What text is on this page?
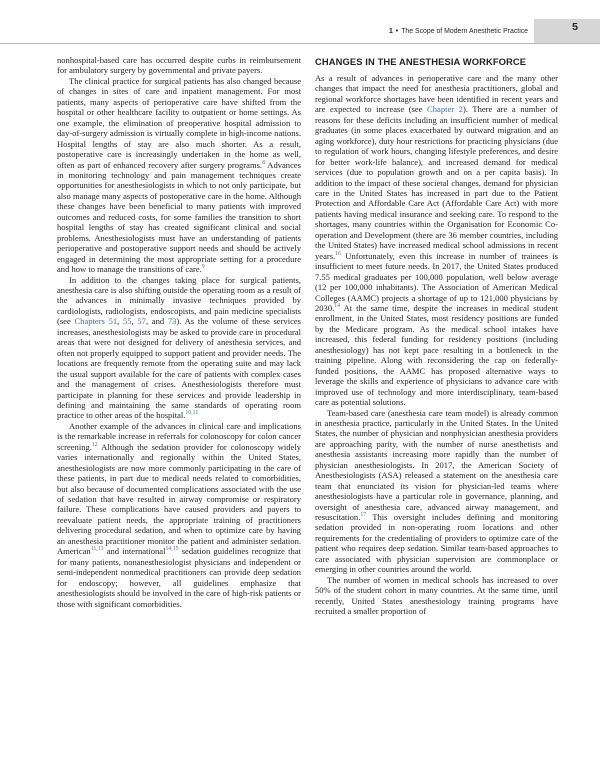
1 • The Scope of Modern Anesthetic Practice	5

nonhospital-based care has occurred despite curbs in reimbursement for ambulatory surgery by governmental and private payers.

The clinical practice for surgical patients has also changed because of changes in sites of care and inpatient management. For most patients, many aspects of perioperative care have shifted from the hospital or other healthcare facility to outpatient or home settings. As one example, the elimination of preoperative hospital admission to day-of-surgery admission is virtually complete in high-income nations. Hospital lengths of stay are also much shorter. As a result, postoperative care is increasingly undertaken in the home as well, often as part of enhanced recovery after surgery programs.$^8$ Advances in monitoring technology and pain management techniques create opportunities for anesthesiologists in which to not only participate, but also manage many aspects of postoperative care in the home. Although these changes have been beneficial to many patients with improved outcomes and reduced costs, for some families the transition to short hospital lengths of stay has created significant clinical and social problems. Anesthesiologists must have an understanding of patients perioperative and postoperative support needs and should be actively engaged in determining the most appropriate setting for a procedure and how to manage the transitions of care.$^9$

In addition to the changes taking place for surgical patients, anesthesia care is also shifting outside the operating room as a result of the advances in minimally invasive techniques provided by cardiologists, radiologists, endoscopists, and pain medicine specialists (see Chapters 51, 55, 57, and 73). As the volume of these services increases, anesthesiologists may be asked to provide care in procedural areas that were not designed for delivery of anesthesia services, and often not properly equipped to support patient and provider needs. The locations are frequently remote from the operating suite and may lack the usual support available for the care of patients with complex cases and the management of crises. Anesthesiologists therefore must participate in planning for these services and provide leadership in defining and maintaining the same standards of operating room practice to other areas of the hospital.$^{10,11}$

Another example of the advances in clinical care and implications is the remarkable increase in referrals for colonoscopy for colon cancer screening.$^{12}$ Although the sedation provider for colonoscopy widely varies internationally and regionally within the United States, anesthesiologists are now more commonly participating in the care of these patients, in part due to medical needs related to comorbidities, but also because of documented complications associated with the use of sedation that have resulted in airway compromise or respiratory failure. These complications have caused providers and payers to reevaluate patient needs, the appropriate training of practitioners delivering procedural sedation, and when to optimize care by having an anesthesia practitioner monitor the patient and administer sedation. American$^{11,13}$ and international$^{14,15}$ sedation guidelines recognize that for many patients, nonanesthesiologist physicians and independent or semi-independent nonmedical practitioners can provide deep sedation for endoscopy; however, all guidelines emphasize that anesthesiologists should be involved in the care of high-risk patients or those with significant comorbidities.

CHANGES IN THE ANESTHESIA WORKFORCE

As a result of advances in perioperative care and the many other changes that impact the need for anesthesia practitioners, global and regional workforce shortages have been identified in recent years and are expected to increase (see Chapter 2). There are a number of reasons for these deficits including an insufficient number of medical graduates (in some places exacerbated by outward migration and an aging workforce), duty hour restrictions for practicing physicians (due to regulation of work hours, changing lifestyle preferences, and desire for better work-life balance), and increased demand for medical services (due to population growth and on a per capita basis). In addition to the impact of these societal changes, demand for physician care in the United States has increased in part due to the Patient Protection and Affordable Care Act (Affordable Care Act) with more patients having medical insurance and seeking care. To respond to the shortages, many countries within the Organisation for Economic Co-operation and Development (there are 36 member countries, including the United States) have increased medical school admissions in recent years.$^{16}$ Unfortunately, even this increase in number of trainees is insufficient to meet future needs. In 2017, the United States produced 7.55 medical graduates per 100,000 population, well below average (12 per 100,000 inhabitants). The Association of American Medical Colleges (AAMC) projects a shortage of up to 121,000 physicians by 2030.14 At the same time, despite the increases in medical student enrollment, in the United States, most residency positions are funded by the Medicare program. As the medical school intakes have increased, this federal funding for residency positions (including anesthesiology) has not kept pace resulting in a bottleneck in the training pipeline. Along with reconsidering the cap on federally-funded positions, the AAMC has proposed alternative ways to leverage the skills and experience of physicians to advance care with improved use of technology and more interdisciplinary, team-based care as potential solutions.

Team-based care (anesthesia care team model) is already common in anesthesia practice, particularly in the United States. In the United States, the number of physician and nonphysician anesthesia providers are approaching parity, with the number of nurse anesthetists and anesthesia assistants increasing more rapidly than the number of physician anesthesiologists. In 2017, the American Society of Anesthesiologists (ASA) released a statement on the anesthesia care team that enunciated its vision for physician-led teams where anesthesiologists have a particular role in governance, planning, and oversight of anesthesia care, advanced airway management, and resuscitation.$^{17}$ This oversight includes defining and monitoring sedation provided in non-operating room locations and other requirements for the credentialing of providers to optimize care of the patient who requires deep sedation. Similar team-based approaches to care associated with physician supervision are commonplace or emerging in other countries around the world.

The number of women in medical schools has increased to over 50% of the student cohort in many countries. At the same time, until recently, United States anesthesiology training programs have recruited a smaller proportion of
